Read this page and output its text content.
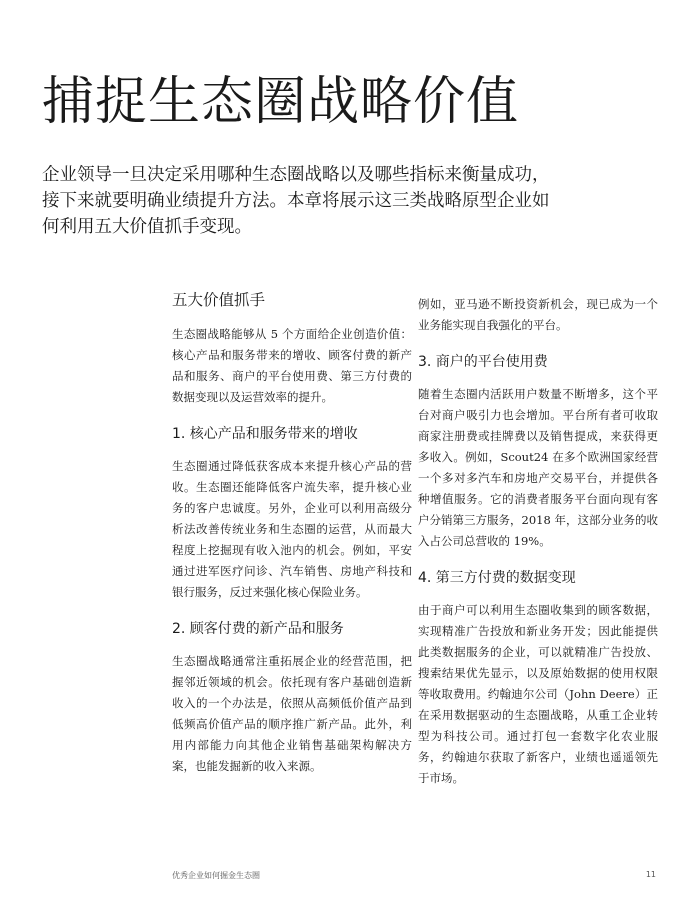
捕捉生态圈战略价值

企业领导一旦决定采用哪种生态圈战略以及哪些指标来衡量成功，接下来就要明确业绩提升方法。本章将展示这三类战略原型企业如何利用五大价值抓手变现。

五大价值抓手

生态圈战略能够从 5 个方面给企业创造价值：核心产品和服务带来的增收、顾客付费的新产品和服务、商户的平台使用费、第三方付费的数据变现以及运营效率的提升。

1. 核心产品和服务带来的增收

生态圈通过降低获客成本来提升核心产品的营收。生态圈还能降低客户流失率，提升核心业务的客户忠诚度。另外，企业可以利用高级分析法改善传统业务和生态圈的运营，从而最大程度上挖掘现有收入池内的机会。例如，平安通过进军医疗问诊、汽车销售、房地产科技和银行服务，反过来强化核心保险业务。

2. 顾客付费的新产品和服务

生态圈战略通常注重拓展企业的经营范围，把握邻近领域的机会。依托现有客户基础创造新收入的一个办法是，依照从高频低价值产品到低频高价值产品的顺序推广新产品。此外，利用内部能力向其他企业销售基础架构解决方案，也能发掘新的收入来源。

例如，亚马逊不断投资新机会，现已成为一个业务能实现自我强化的平台。

3. 商户的平台使用费

随着生态圈内活跃用户数量不断增多，这个平台对商户吸引力也会增加。平台所有者可收取商家注册费或挂牌费以及销售提成，来获得更多收入。例如，Scout24 在多个欧洲国家经营一个多对多汽车和房地产交易平台，并提供各种增值服务。它的消费者服务平台面向现有客户分销第三方服务，2018 年，这部分业务的收入占公司总营收的 19%。

4. 第三方付费的数据变现

由于商户可以利用生态圈收集到的顾客数据，实现精准广告投放和新业务开发；因此能提供此类数据服务的企业，可以就精准广告投放、搜索结果优先显示，以及原始数据的使用权限等收取费用。约翰迪尔公司（John Deere）正在采用数据驱动的生态圈战略，从重工企业转型为科技公司。通过打包一套数字化农业服务，约翰迪尔获取了新客户，业绩也遥遥领先于市场。

优秀企业如何掘金生态圈	11
